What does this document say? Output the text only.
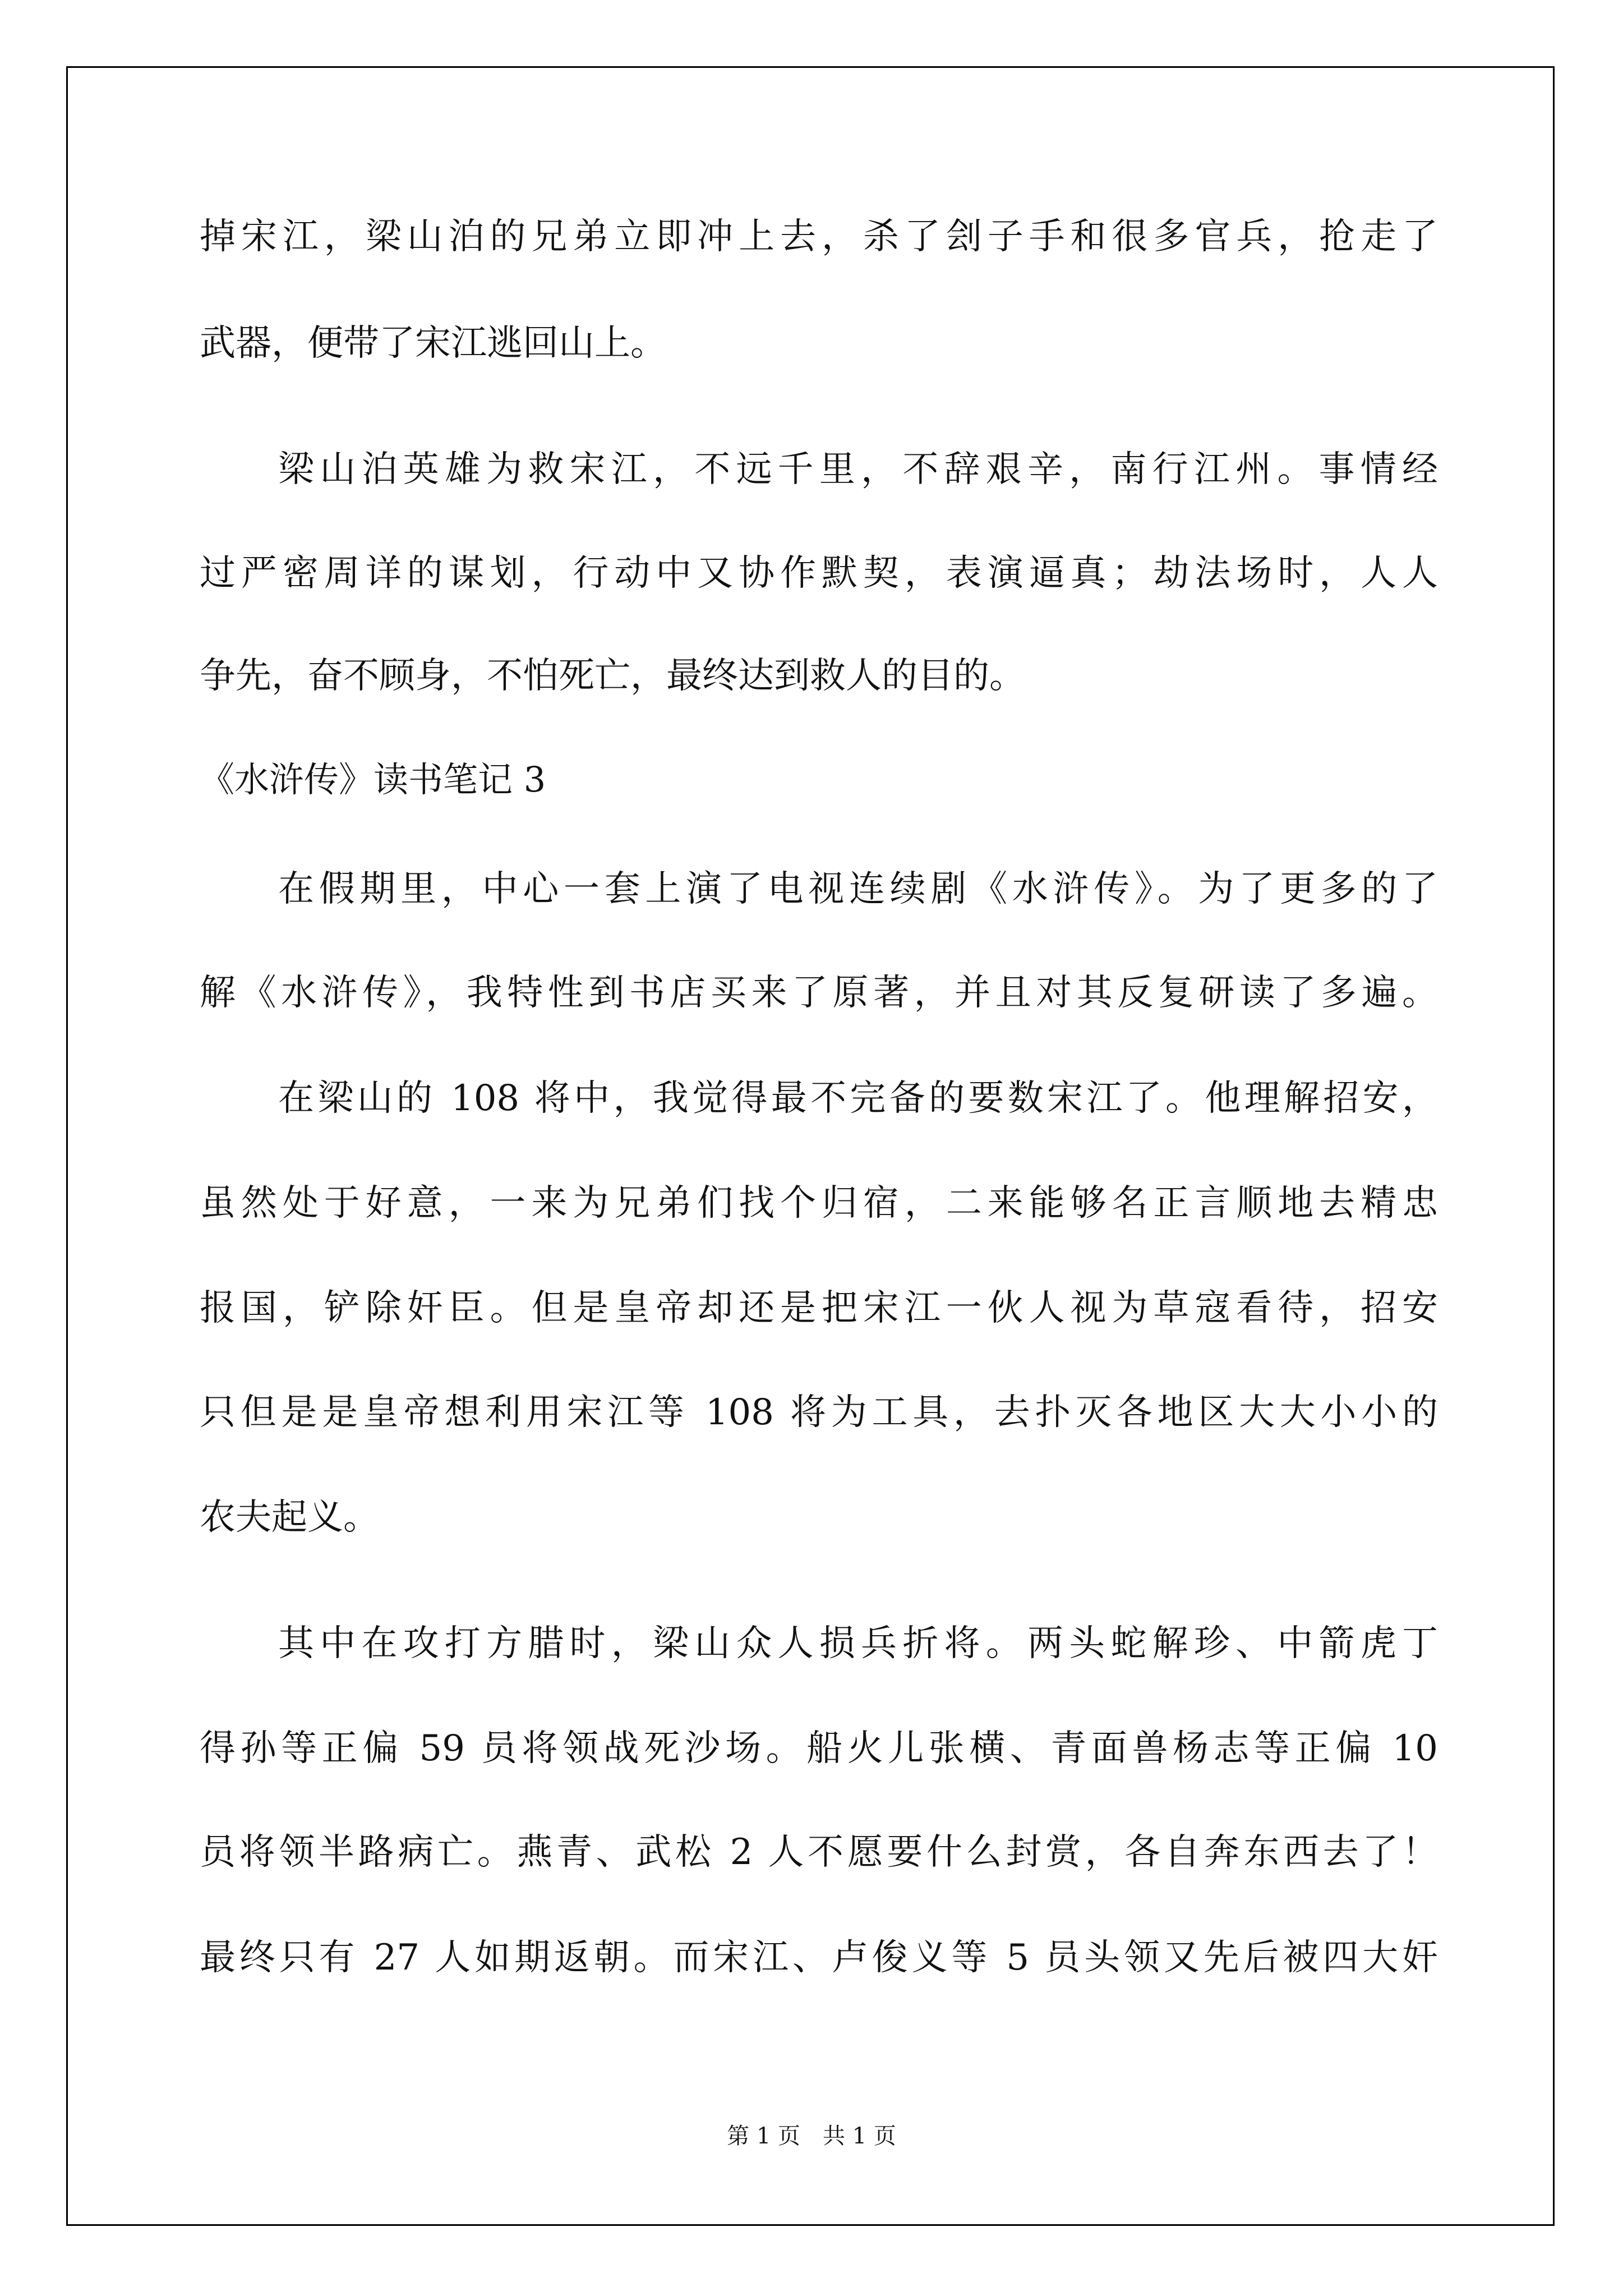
掉宋江，梁山泊的兄弟立即冲上去，杀了刽子手和很多官兵，抢走了
武器，便带了宋江逃回山上。
梁山泊英雄为救宋江，不远千里，不辞艰辛，南行江州。事情经
过严密周详的谋划，行动中又协作默契，表演逼真；劫法场时，人人
争先，奋不顾身，不怕死亡，最终达到救人的目的。
《水浒传》读书笔记 3
在假期里，中心一套上演了电视连续剧《水浒传》。为了更多的了
解《水浒传》，我特性到书店买来了原著，并且对其反复研读了多遍。
在梁山的 108 将中，我觉得最不完备的要数宋江了。他理解招安，
虽然处于好意，一来为兄弟们找个归宿，二来能够名正言顺地去精忠
报国，铲除奸臣。但是皇帝却还是把宋江一伙人视为草寇看待，招安
只但是是皇帝想利用宋江等 108 将为工具，去扑灭各地区大大小小的
农夫起义。
其中在攻打方腊时，梁山众人损兵折将。两头蛇解珍、中箭虎丁
得孙等正偏 59 员将领战死沙场。船火儿张横、青面兽杨志等正偏 10
员将领半路病亡。燕青、武松 2 人不愿要什么封赏，各自奔东西去了！
最终只有 27 人如期返朝。而宋江、卢俊义等 5 员头领又先后被四大奸
第 1 页　共 1 页
